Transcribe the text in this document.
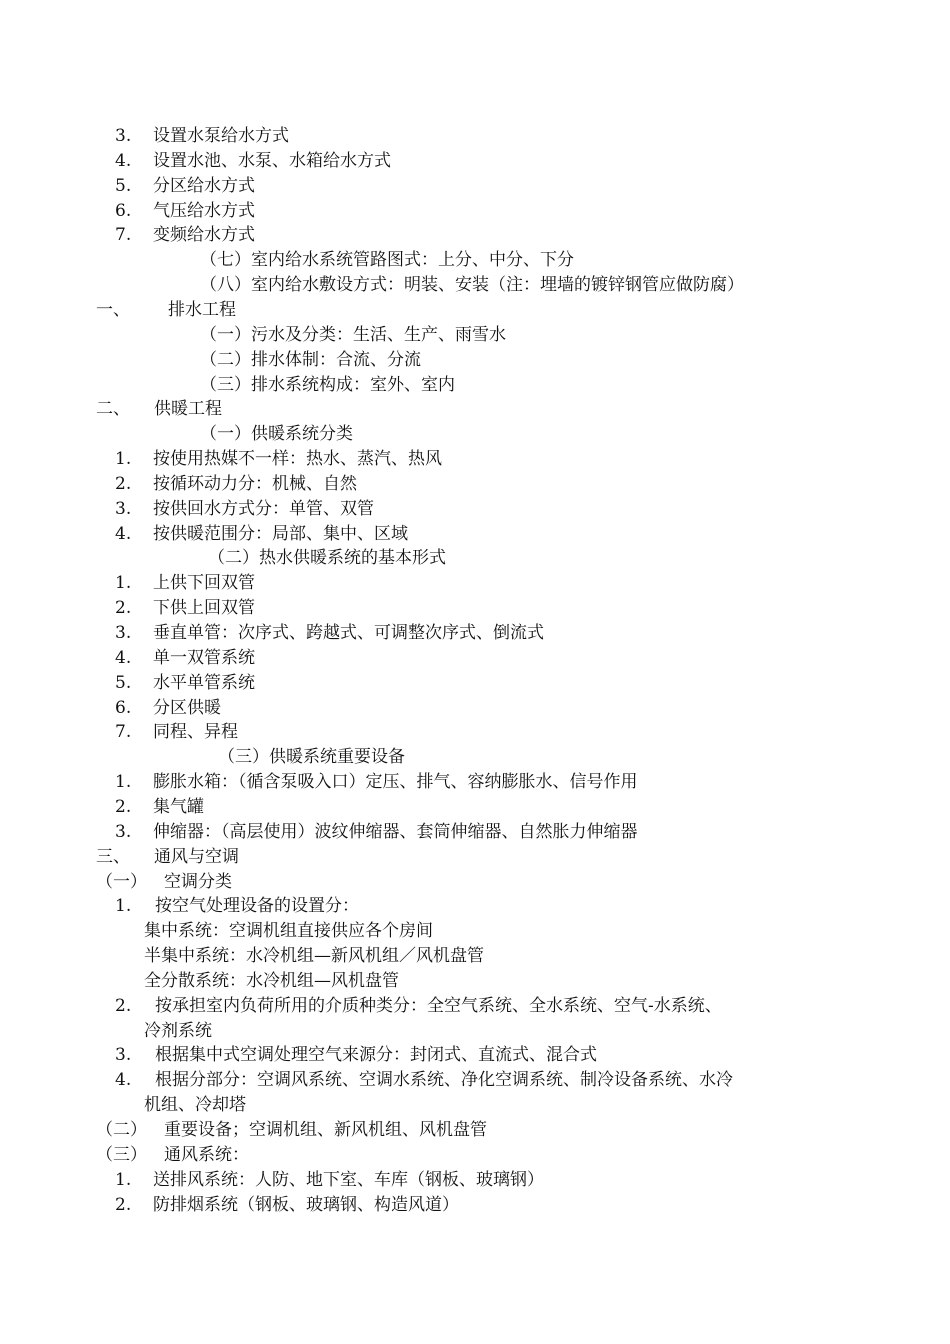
3. 设置水泵给水方式
4. 设置水池、水泵、水箱给水方式
5. 分区给水方式
6. 气压给水方式
7. 变频给水方式
（七）室内给水系统管路图式：上分、中分、下分
（八）室内给水敷设方式：明装、安装（注：埋墙的镀锌钢管应做防腐）
一、 排水工程
（一）污水及分类：生活、生产、雨雪水
（二）排水体制：合流、分流
（三）排水系统构成：室外、室内
二、 供暖工程
（一）供暖系统分类
1. 按使用热媒不一样：热水、蒸汽、热风
2. 按循环动力分：机械、自然
3. 按供回水方式分：单管、双管
4. 按供暖范围分：局部、集中、区域
（二）热水供暖系统的基本形式
1. 上供下回双管
2. 下供上回双管
3. 垂直单管：次序式、跨越式、可调整次序式、倒流式
4. 单一双管系统
5. 水平单管系统
6. 分区供暖
7. 同程、异程
（三）供暖系统重要设备
1. 膨胀水箱：（循含泵吸入口）定压、排气、容纳膨胀水、信号作用
2. 集气罐
3. 伸缩器：（高层使用）波纹伸缩器、套筒伸缩器、自然胀力伸缩器
三、 通风与空调
（一） 空调分类
1. 按空气处理设备的设置分：
集中系统：空调机组直接供应各个房间
半集中系统：水冷机组—新风机组／风机盘管
全分散系统：水冷机组—风机盘管
2. 按承担室内负荷所用的介质种类分：全空气系统、全水系统、空气-水系统、
冷剂系统
3. 根据集中式空调处理空气来源分：封闭式、直流式、混合式
4. 根据分部分：空调风系统、空调水系统、净化空调系统、制冷设备系统、水冷
机组、冷却塔
（二） 重要设备；空调机组、新风机组、风机盘管
（三） 通风系统：
1. 送排风系统：人防、地下室、车库（钢板、玻璃钢）
2. 防排烟系统（钢板、玻璃钢、构造风道）
